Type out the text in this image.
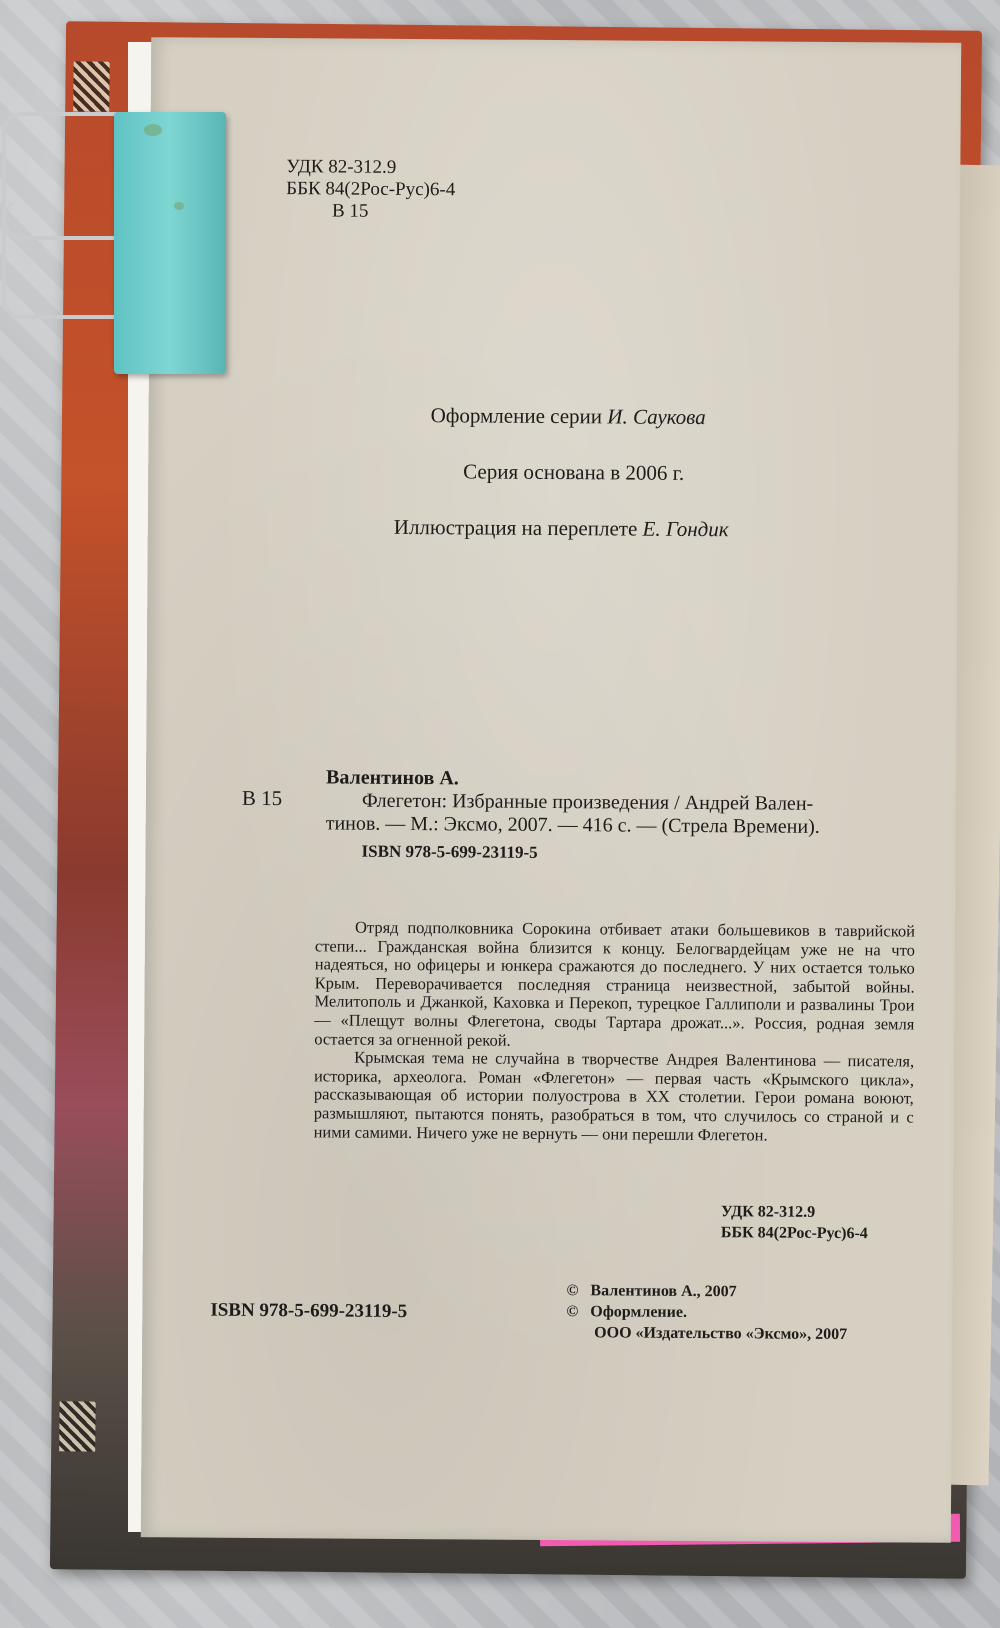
УДК 82-312.9
ББК 84(2Рос-Рус)6-4
В 15
Оформление серии И. Саукова
Серия основана в 2006 г.
Иллюстрация на переплете Е. Гондик
В 15
Валентинов А.
Флегетон: Избранные произведения / Андрей Вален-
тинов. — М.: Эксмо, 2007. — 416 с. — (Стрела Времени).
ISBN 978-5-699-23119-5

Отряд подполковника Сорокина отбивает атаки большевиков в таврийской степи... Гражданская война близится к концу. Белогвардейцам уже не на что надеяться, но офицеры и юнкера сражаются до последнего. У них остается только Крым. Переворачивается последняя страница неизвестной, забытой войны. Мелитополь и Джанкой, Каховка и Перекоп, турецкое Галлиполи и развалины Трои — «Плещут волны Флегетона, своды Тартара дрожат...». Россия, родная земля остается за огненной рекой.

Крымская тема не случайна в творчестве Андрея Валентинова — писателя, историка, археолога. Роман «Флегетон» — первая часть «Крымского цикла», рассказывающая об истории полуострова в XX столетии. Герои романа воюют, размышляют, пытаются понять, разобраться в том, что случилось со страной и с ними самими. Ничего уже не вернуть — они перешли Флегетон.

УДК 82-312.9
ББК 84(2Рос-Рус)6-4
ISBN 978-5-699-23119-5
© Валентинов А., 2007
© Оформление.
ООО «Издательство «Эксмо», 2007
